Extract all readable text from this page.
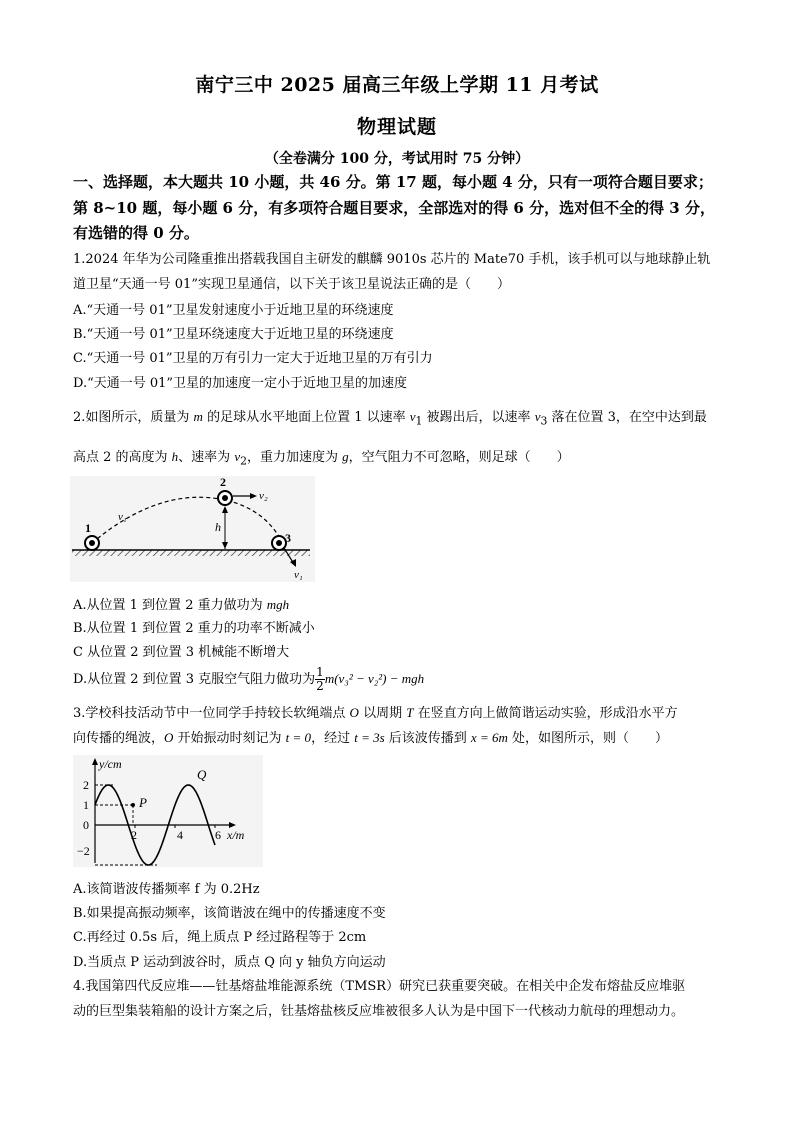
南宁三中 2025 届高三年级上学期 11 月考试
物理试题
（全卷满分 100 分，考试用时 75 分钟）
一、选择题，本大题共 10 小题，共 46 分。第 17 题，每小题 4 分，只有一项符合题目要求；
第 8~10 题，每小题 6 分，有多项符合题目要求，全部选对的得 6 分，选对但不全的得 3 分，
有选错的得 0 分。
1.2024 年华为公司隆重推出搭载我国自主研发的麒麟 9010s 芯片的 Mate70 手机，该手机可以与地球静止轨
道卫星“天通一号 01”实现卫星通信，以下关于该卫星说法正确的是（　　）
A.“天通一号 01”卫星发射速度小于近地卫星的环绕速度
B.“天通一号 01”卫星环绕速度大于近地卫星的环绕速度
C.“天通一号 01”卫星的万有引力一定大于近地卫星的万有引力
D.“天通一号 01”卫星的加速度一定小于近地卫星的加速度
2.如图所示，质量为 m 的足球从水平地面上位置 1 以速率 $v_1$ 被踢出后，以速率 $v_3$ 落在位置 3，在空中达到最
高点 2 的高度为 h、速率为 $v_2$，重力加速度为 g，空气阻力不可忽略，则足球（　　）
1
2
3
v₁
v₂
v₁
h
A.从位置 1 到位置 2 重力做功为 mgh
B.从位置 1 到位置 2 重力的功率不断减小
C 从位置 2 到位置 3 机械能不断增大
D.从位置 2 到位置 3 克服空气阻力做功为 $\frac{1}{2} m(v_3^2 - v_2^2)$ − mgh
3.学校科技活动节中一位同学手持较长软绳端点 O 以周期 T 在竖直方向上做简谐运动实验，形成沿水平方
向传播的绳波，O 开始振动时刻记为 t = 0，经过 t = 3s 后该波传播到 x = 6m 处，如图所示，则（　　）
y/cm
x/m
2
1
0
−2
2	4	6
P
Q
A.该简谐波传播频率 f 为 0.2Hz
B.如果提高振动频率，该简谐波在绳中的传播速度不变
C.再经过 0.5s 后，绳上质点 P 经过路程等于 2cm
D.当质点 P 运动到波谷时，质点 Q 向 y 轴负方向运动
4.我国第四代反应堆——钍基熔盐堆能源系统（TMSR）研究已获重要突破。在相关中企发布熔盐反应堆驱
动的巨型集装箱船的设计方案之后，钍基熔盐核反应堆被很多人认为是中国下一代核动力航母的理想动力。
